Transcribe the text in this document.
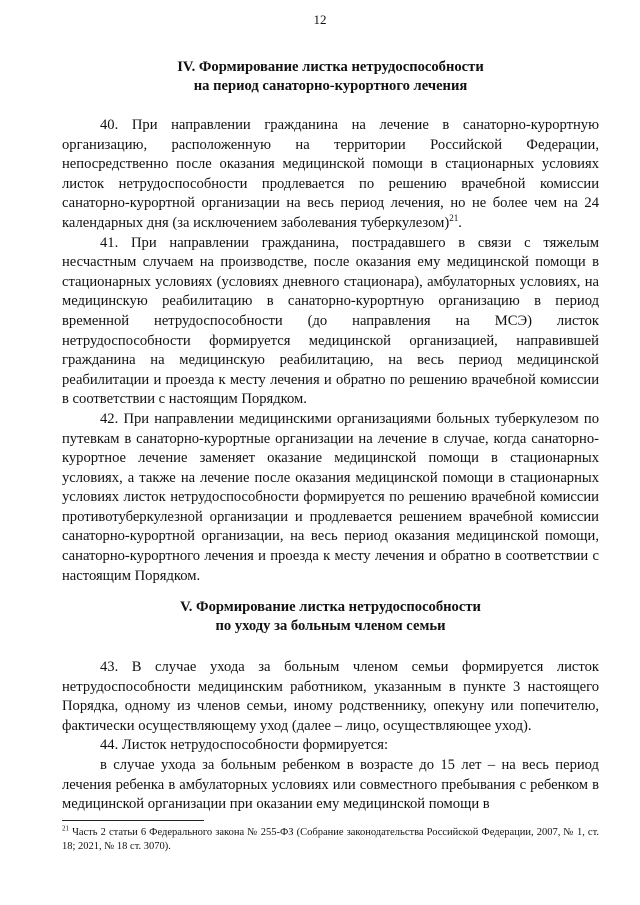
12
IV. Формирование листка нетрудоспособности
на период санаторно-курортного лечения

40. При направлении гражданина на лечение в санаторно-курортную организацию, расположенную на территории Российской Федерации, непосредственно после оказания медицинской помощи в стационарных условиях листок нетрудоспособности продлевается по решению врачебной комиссии санаторно-курортной организации на весь период лечения, но не более чем на 24 календарных дня (за исключением заболевания туберкулезом)$^{21}$.

41. При направлении гражданина, пострадавшего в связи с тяжелым несчастным случаем на производстве, после оказания ему медицинской помощи в стационарных условиях (условиях дневного стационара), амбулаторных условиях, на медицинскую реабилитацию в санаторно-курортную организацию в период временной нетрудоспособности (до направления на МСЭ) листок нетрудоспособности формируется медицинской организацией, направившей гражданина на медицинскую реабилитацию, на весь период медицинской реабилитации и проезда к месту лечения и обратно по решению врачебной комиссии в соответствии с настоящим Порядком.

42. При направлении медицинскими организациями больных туберкулезом по путевкам в санаторно-курортные организации на лечение в случае, когда санаторно-курортное лечение заменяет оказание медицинской помощи в стационарных условиях, а также на лечение после оказания медицинской помощи в стационарных условиях листок нетрудоспособности формируется по решению врачебной комиссии противотуберкулезной организации и продлевается решением врачебной комиссии санаторно-курортной организации, на весь период оказания медицинской помощи, санаторно-курортного лечения и проезда к месту лечения и обратно в соответствии с настоящим Порядком.

V. Формирование листка нетрудоспособности
по уходу за больным членом семьи

43. В случае ухода за больным членом семьи формируется листок нетрудоспособности медицинским работником, указанным в пункте 3 настоящего Порядка, одному из членов семьи, иному родственнику, опекуну или попечителю, фактически осуществляющему уход (далее – лицо, осуществляющее уход).

44. Листок нетрудоспособности формируется:

в случае ухода за больным ребенком в возрасте до 15 лет – на весь период лечения ребенка в амбулаторных условиях или совместного пребывания с ребенком в медицинской организации при оказании ему медицинской помощи в

$^{21}$ Часть 2 статьи 6 Федерального закона № 255-ФЗ (Собрание законодательства Российской Федерации, 2007, № 1, ст. 18; 2021, № 18 ст. 3070).
